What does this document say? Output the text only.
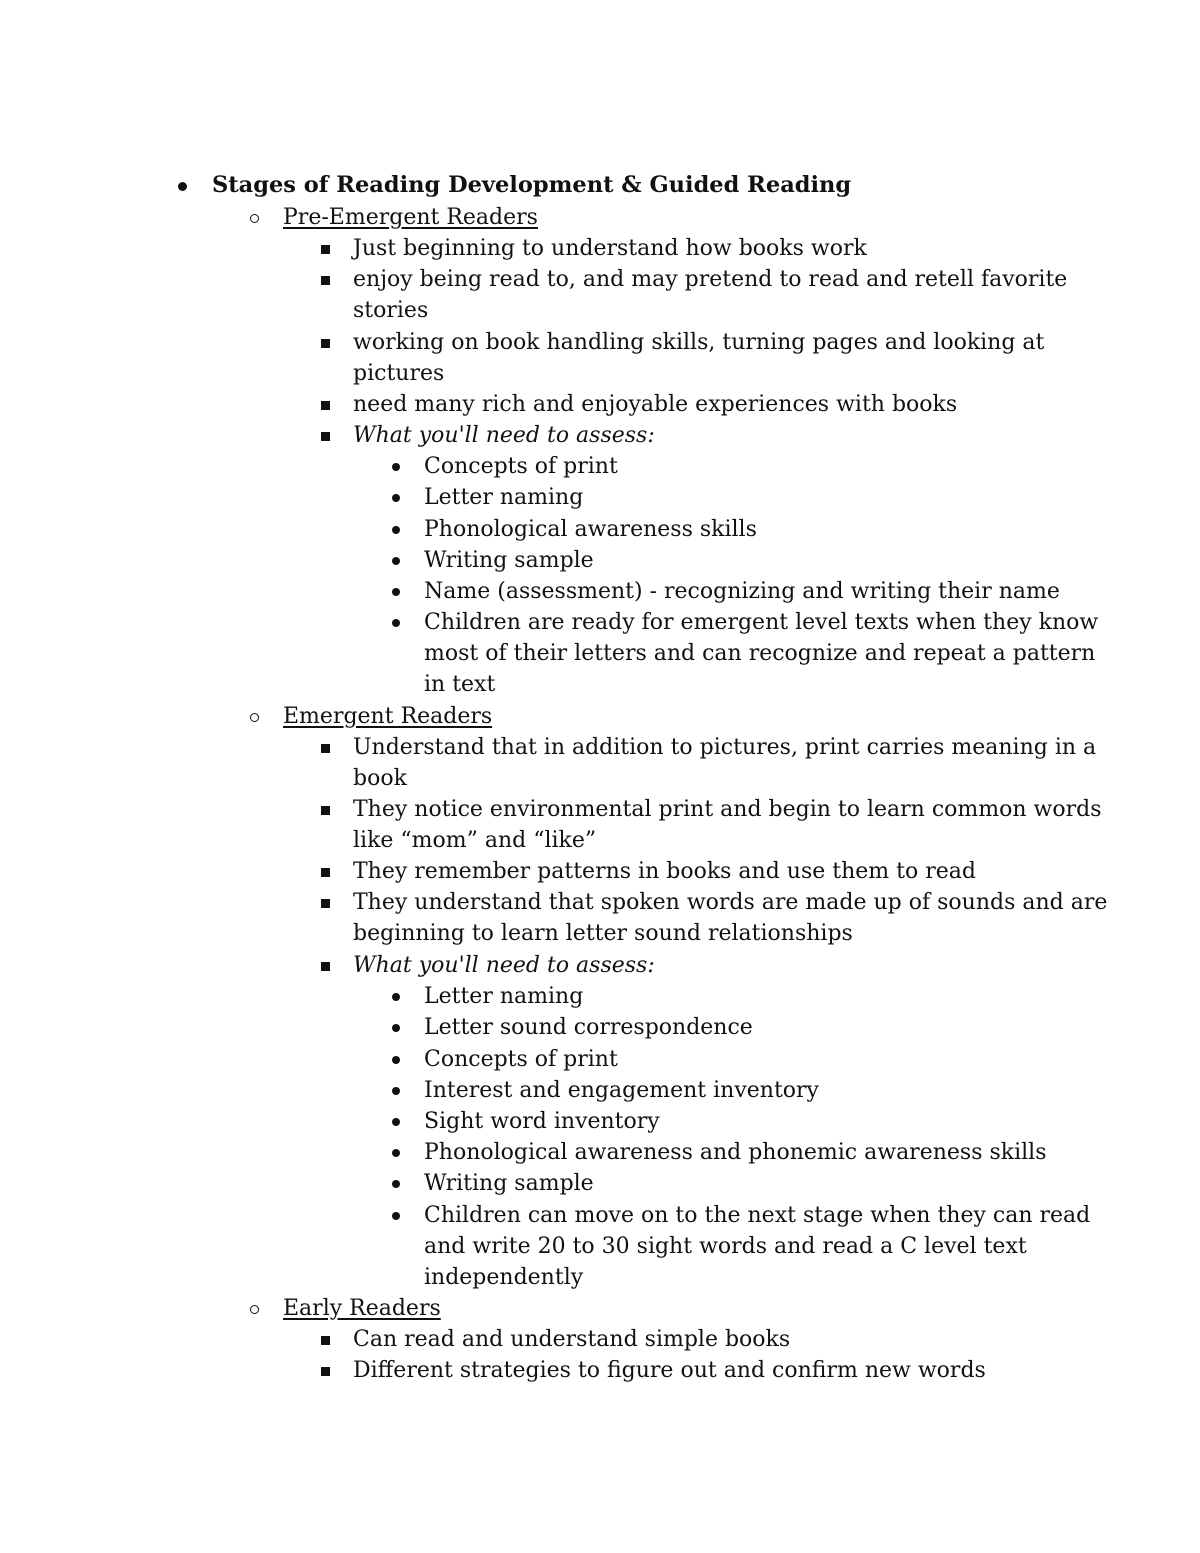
Stages of Reading Development & Guided Reading
Pre-Emergent Readers
Just beginning to understand how books work
enjoy being read to, and may pretend to read and retell favorite
stories
working on book handling skills, turning pages and looking at
pictures
need many rich and enjoyable experiences with books
What you'll need to assess:
Concepts of print
Letter naming
Phonological awareness skills
Writing sample
Name (assessment) - recognizing and writing their name
Children are ready for emergent level texts when they know
most of their letters and can recognize and repeat a pattern
in text
Emergent Readers
Understand that in addition to pictures, print carries meaning in a
book
They notice environmental print and begin to learn common words
like “mom” and “like”
They remember patterns in books and use them to read
They understand that spoken words are made up of sounds and are
beginning to learn letter sound relationships
What you'll need to assess:
Letter naming
Letter sound correspondence
Concepts of print
Interest and engagement inventory
Sight word inventory
Phonological awareness and phonemic awareness skills
Writing sample
Children can move on to the next stage when they can read
and write 20 to 30 sight words and read a C level text
independently
Early Readers
Can read and understand simple books
Different strategies to figure out and confirm new words
